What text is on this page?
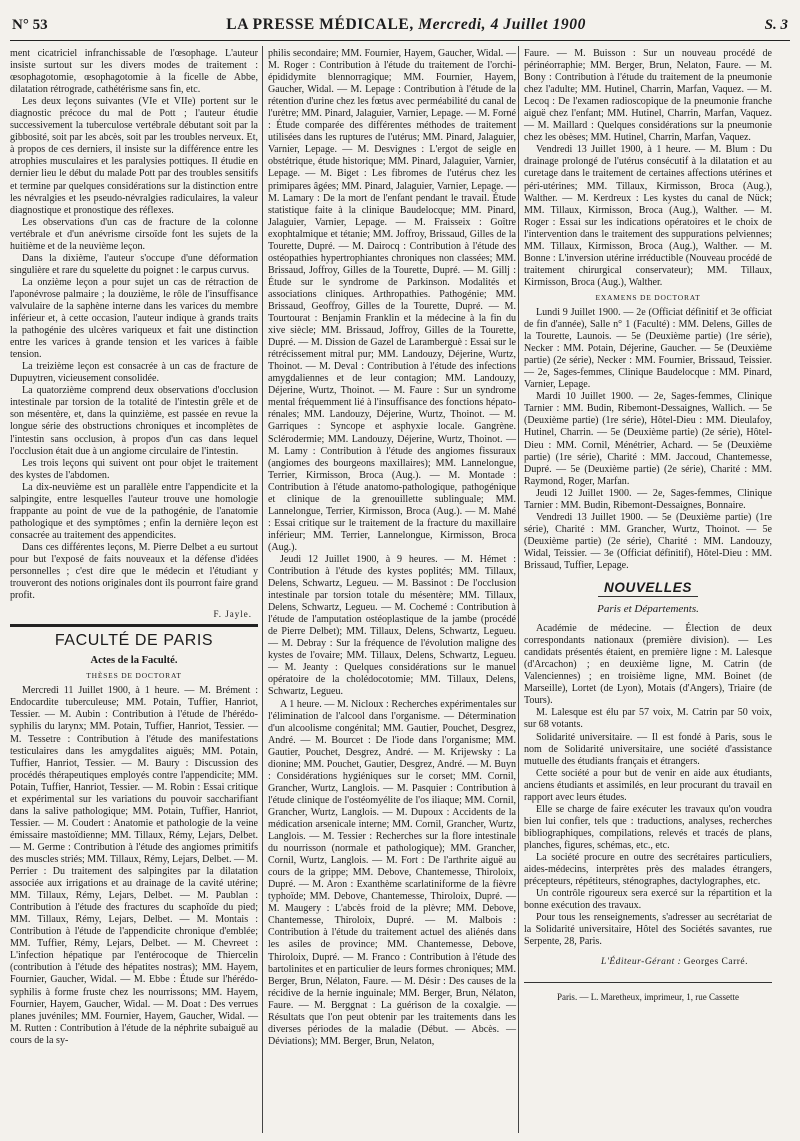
N° 53	LA PRESSE MÉDICALE, Mercredi, 4 Juillet 1900	S. 3

ment cicatriciel infranchissable de l'œsophage. L'auteur insiste surtout sur les divers modes de traitement : œsophagotomie, œsophagotomie à la ficelle de Abbe, dilatation rétrograde, cathétérisme sans fin, etc.

Les deux leçons suivantes (VIe et VIIe) portent sur le diagnostic précoce du mal de Pott ; l'auteur étudie successivement la tuberculose vertébrale débutant soit par la gibbosité, soit par les abcès, soit par les troubles nerveux. Et, à propos de ces derniers, il insiste sur la différence entre les atrophies musculaires et les paralysies pottiques. Il étudie en dernier lieu le début du malade Pott par des troubles sensitifs et termine par quelques considérations sur la distinction entre les névralgies et les pseudo-névralgies radiculaires, la valeur diagnostique et pronostique des réflexes.

Les observations d'un cas de fracture de la colonne vertébrale et d'un anévrisme cirsoïde font les sujets de la huitième et de la neuvième leçon.

Dans la dixième, l'auteur s'occupe d'une déformation singulière et rare du squelette du poignet : le carpus curvus.

La onzième leçon a pour sujet un cas de rétraction de l'aponévrose palmaire ; la douzième, le rôle de l'insuffisance valvulaire de la saphène interne dans les varices du membre inférieur et, à cette occasion, l'auteur indique à grands traits la pathogénie des ulcères variqueux et fait une distinction entre les varices à grande tension et les varices à faible tension.

La treizième leçon est consacrée à un cas de fracture de Dupuytren, vicieusement consolidée.

La quatorzième comprend deux observations d'occlusion intestinale par torsion de la totalité de l'intestin grêle et de son mésentère, et, dans la quinzième, est passée en revue la longue série des obstructions chroniques et incomplètes de l'intestin sans occlusion, à propos d'un cas dans lequel l'occlusion était due à un angiome circulaire de l'intestin.

Les trois leçons qui suivent ont pour objet le traitement des kystes de l'abdomen.

La dix-neuvième est un parallèle entre l'appendicite et la salpingite, entre lesquelles l'auteur trouve une homologie frappante au point de vue de la pathogénie, de l'anatomie pathologique et des symptômes ; enfin la dernière leçon est consacrée au traitement des appendicites.

Dans ces différentes leçons, M. Pierre Delbet a eu surtout pour but l'exposé de faits nouveaux et la défense d'idées personnelles ; c'est dire que le médecin et l'étudiant y trouveront des notions originales dont ils pourront faire grand profit.

F. Jayle.
FACULTÉ DE PARIS
Actes de la Faculté.
THÈSES DE DOCTORAT

Mercredi 11 Juillet 1900, à 1 heure. — M. Brément : Endocardite tuberculeuse; MM. Potain, Tuffier, Hanriot, Tessier. — M. Aubin : Contribution à l'étude de l'hérédo-syphilis du larynx; MM. Potain, Tuffier, Hanriot, Tessier. — M. Tessetre : Contribution à l'étude des manifestations testiculaires dans les amygdalites aiguës; MM. Potain, Tuffier, Hanriot, Tessier. — M. Baury : Discussion des procédés thérapeutiques employés contre l'appendicite; MM. Potain, Tuffier, Hanriot, Tessier. — M. Robin : Essai critique et expérimental sur les variations du pouvoir saccharifiant dans la salive pathologique; MM. Potain, Tuffier, Hanriot, Tessier. — M. Coudert : Anatomie et pathologie de la veine émissaire mastoïdienne; MM. Tillaux, Rémy, Lejars, Delbet. — M. Germe : Contribution à l'étude des angiomes primitifs des muscles striés; MM. Tillaux, Rémy, Lejars, Delbet. — M. Perrier : Du traitement des salpingites par la dilatation associée aux irrigations et au drainage de la cavité utérine; MM. Tillaux, Rémy, Lejars, Delbet. — M. Paublan : Contribution à l'étude des fractures du scaphoïde du pied; MM. Tillaux, Rémy, Lejars, Delbet. — M. Montais : Contribution à l'étude de l'appendicite chronique d'emblée; MM. Tuffier, Rémy, Lejars, Delbet. — M. Chevreet : L'infection hépatique par l'entérocoque de Thiercelin (contribution à l'étude des hépatites nostras); MM. Hayem, Fournier, Gaucher, Widal. — M. Ebbe : Étude sur l'hérédo-syphilis à forme fruste chez les nourrissons; MM. Hayem, Fournier, Hayem, Gaucher, Widal. — M. Doat : Des verrues planes juvéniles; MM. Fournier, Hayem, Gaucher, Widal. — M. Rutten : Contribution à l'étude de la néphrite subaiguë au cours de la sy-

philis secondaire; MM. Fournier, Hayem, Gaucher, Widal. — M. Roger : Contribution à l'étude du traitement de l'orchi-épididymite blennorragique; MM. Fournier, Hayem, Gaucher, Widal. — M. Lepage : Contribution à l'étude de la rétention d'urine chez les fœtus avec perméabilité du canal de l'urètre; MM. Pinard, Jalaguier, Varnier, Lepage. — M. Forné : Étude comparée des différentes méthodes de traitement utilisées dans les ruptures de l'utérus; MM. Pinard, Jalaguier, Varnier, Lepage. — M. Desvignes : L'ergot de seigle en obstétrique, étude historique; MM. Pinard, Jalaguier, Varnier, Lepage. — M. Biget : Les fibromes de l'utérus chez les primipares âgées; MM. Pinard, Jalaguier, Varnier, Lepage. — M. Lamary : De la mort de l'enfant pendant le travail. Étude statistique faite à la clinique Baudelocque; MM. Pinard, Jalaguier, Varnier, Lepage. — M. Fraisseix : Goître exophtalmique et tétanie; MM. Joffroy, Brissaud, Gilles de la Tourette, Dupré. — M. Dairocq : Contribution à l'étude des ostéopathies hypertrophiantes chroniques non classées; MM. Brissaud, Joffroy, Gilles de la Tourette, Dupré. — M. Gillj : Étude sur le syndrome de Parkinson. Modalités et associations cliniques. Arthropathies. Pathogénie; MM. Brissaud, Geoffroy, Gilles de la Tourette, Dupré. — M. Tourtourat : Benjamin Franklin et la médecine à la fin du xive siècle; MM. Brissaud, Joffroy, Gilles de la Tourette, Dupré. — M. Dission de Gazel de Laramberguè : Essai sur le rétrécissement mitral pur; MM. Landouzy, Déjerine, Wurtz, Thoinot. — M. Deval : Contribution à l'étude des infections amygdaliennes et de leur contagion; MM. Landouzy, Déjerine, Wurtz, Thoinot. — M. Faure : Sur un syndrome mental fréquemment lié à l'insuffisance des fonctions hépato-rénales; MM. Landouzy, Déjerine, Wurtz, Thoinot. — M. Garriques : Syncope et asphyxie locale. Gangrène. Sclérodermie; MM. Landouzy, Déjerine, Wurtz, Thoinot. — M. Lamy : Contribution à l'étude des angiomes fissuraux (angiomes des bourgeons maxillaires); MM. Lannelongue, Terrier, Kirmisson, Broca (Aug.). — M. Montade : Contribution à l'étude anatomo-pathologique, pathogénique et clinique de la grenouillette sublinguale; MM. Lannelongue, Terrier, Kirmisson, Broca (Aug.). — M. Mahé : Essai critique sur le traitement de la fracture du maxillaire inférieur; MM. Terrier, Lannelongue, Kirmisson, Broca (Aug.).

Jeudi 12 Juillet 1900, à 9 heures. — M. Hémet : Contribution à l'étude des kystes poplités; MM. Tillaux, Delens, Schwartz, Legueu. — M. Bassinot : De l'occlusion intestinale par torsion totale du mésentère; MM. Tillaux, Delens, Schwartz, Legueu. — M. Cochemé : Contribution à l'étude de l'amputation ostéoplastique de la jambe (procédé de Pierre Delbet); MM. Tillaux, Delens, Schwartz, Legueu. — M. Debray : Sur la fréquence de l'évolution maligne des kystes de l'ovaire; MM. Tillaux, Delens, Schwartz, Legueu. — M. Jeanty : Quelques considérations sur le manuel opératoire de la cholédocotomie; MM. Tillaux, Delens, Schwartz, Legueu.

A 1 heure. — M. Nicloux : Recherches expérimentales sur l'élimination de l'alcool dans l'organisme. — Détermination d'un alcoolisme congénital; MM. Gautier, Pouchet, Desgrez, André. — M. Bourcet : De l'iode dans l'organisme; MM. Gautier, Pouchet, Desgrez, André. — M. Krijewsky : La dionine; MM. Pouchet, Gautier, Desgrez, André. — M. Buyn : Considérations hygiéniques sur le corset; MM. Cornil, Grancher, Wurtz, Langlois. — M. Pasquier : Contribution à l'étude clinique de l'ostéomyélite de l'os iliaque; MM. Cornil, Grancher, Wurtz, Langlois. — M. Dupoux : Accidents de la médication arsenicale interne; MM. Cornil, Grancher, Wurtz, Langlois. — M. Tessier : Recherches sur la flore intestinale du nourrisson (normale et pathologique); MM. Grancher, Cornil, Wurtz, Langlois. — M. Fort : De l'arthrite aiguë au cours de la grippe; MM. Debove, Chantemesse, Thiroloix, Dupré. — M. Aron : Exanthème scarlatiniforme de la fièvre typhoïde; MM. Debove, Chantemesse, Thiroloix, Dupré. — M. Maugery : L'abcès froid de la plèvre; MM. Debove, Chantemesse, Thiroloix, Dupré. — M. Malbois : Contribution à l'étude du traitement actuel des aliénés dans les asiles de province; MM. Chantemesse, Debove, Thiroloix, Dupré. — M. Franco : Contribution à l'étude des bartolinites et en particulier de leurs formes chroniques; MM. Berger, Brun, Nélaton, Faure. — M. Désir : Des causes de la récidive de la hernie inguinale; MM. Berger, Brun, Nélaton, Faure. — M. Berggnat : La guérison de la coxalgie. — Résultats que l'on peut obtenir par les traitements dans les diverses périodes de la maladie (Début. — Abcès. — Déviations); MM. Berger, Brun, Nelaton,

Faure. — M. Buisson : Sur un nouveau procédé de périnéorraphie; MM. Berger, Brun, Nelaton, Faure. — M. Bony : Contribution à l'étude du traitement de la pneumonie chez l'adulte; MM. Hutinel, Charrin, Marfan, Vaquez. — M. Lecoq : De l'examen radioscopique de la pneumonie franche aiguë chez l'enfant; MM. Hutinel, Charrin, Marfan, Vaquez. — M. Maillard : Quelques considérations sur la pneumonie chez les obèses; MM. Hutinel, Charrin, Marfan, Vaquez.

Vendredi 13 Juillet 1900, à 1 heure. — M. Blum : Du drainage prolongé de l'utérus consécutif à la dilatation et au curetage dans le traitement de certaines affections utérines et péri-utérines; MM. Tillaux, Kirmisson, Broca (Aug.), Walther. — M. Kerdreux : Les kystes du canal de Nück; MM. Tillaux, Kirmisson, Broca (Aug.), Walther. — M. Roger : Essai sur les indications opératoires et le choix de l'intervention dans le traitement des suppurations pelviennes; MM. Tillaux, Kirmisson, Broca (Aug.), Walther. — M. Bonne : L'inversion utérine irréductible (Nouveau procédé de traitement chirurgical conservateur); MM. Tillaux, Kirmisson, Broca (Aug.), Walther.

EXAMENS DE DOCTORAT

Lundi 9 Juillet 1900. — 2e (Officiat définitif et 3e officiat de fin d'année), Salle n° 1 (Faculté) : MM. Delens, Gilles de la Tourette, Launois. — 5e (Deuxième partie) (1re série), Necker : MM. Potain, Déjerine, Gaucher. — 5e (Deuxième partie) (2e série), Necker : MM. Fournier, Brissaud, Teissier. — 2e, Sages-femmes, Clinique Baudelocque : MM. Pinard, Varnier, Lepage.

Mardi 10 Juillet 1900. — 2e, Sages-femmes, Clinique Tarnier : MM. Budin, Ribemont-Dessaignes, Wallich. — 5e (Deuxième partie) (1re série), Hôtel-Dieu : MM. Dieulafoy, Hutinel, Charrin. — 5e (Deuxième partie) (2e série), Hôtel-Dieu : MM. Cornil, Ménétrier, Achard. — 5e (Deuxième partie) (1re série), Charité : MM. Jaccoud, Chantemesse, Dupré. — 5e (Deuxième partie) (2e série), Charité : MM. Raymond, Roger, Marfan.

Jeudi 12 Juillet 1900. — 2e, Sages-femmes, Clinique Tarnier : MM. Budin, Ribemont-Dessaignes, Bonnaire.

Vendredi 13 Juillet 1900. — 5e (Deuxième partie) (1re série), Charité : MM. Grancher, Wurtz, Thoinot. — 5e (Deuxième partie) (2e série), Charité : MM. Landouzy, Widal, Teissier. — 3e (Officiat définitif), Hôtel-Dieu : MM. Brissaud, Tuffier, Lepage.

NOUVELLES
Paris et Départements.

Académie de médecine. — Élection de deux correspondants nationaux (première division). — Les candidats présentés étaient, en première ligne : M. Lalesque (d'Arcachon) ; en deuxième ligne, M. Catrin (de Valenciennes) ; en troisième ligne, MM. Boinet (de Marseille), Lortet (de Lyon), Motais (d'Angers), Triaire (de Tours).

M. Lalesque est élu par 57 voix, M. Catrin par 50 voix, sur 68 votants.

Solidarité universitaire. — Il est fondé à Paris, sous le nom de Solidarité universitaire, une société d'assistance mutuelle des étudiants français et étrangers.

Cette société a pour but de venir en aide aux étudiants, anciens étudiants et assimilés, en leur procurant du travail en rapport avec leurs études.

Elle se charge de faire exécuter les travaux qu'on voudra bien lui confier, tels que : traductions, analyses, recherches bibliographiques, compilations, relevés et tracés de plans, planches, figures, schémas, etc., etc.

La société procure en outre des secrétaires particuliers, aides-médecins, interprètes près des malades étrangers, précepteurs, répétiteurs, sténographes, dactylographes, etc.

Un contrôle rigoureux sera exercé sur la répartition et la bonne exécution des travaux.

Pour tous les renseignements, s'adresser au secrétariat de la Solidarité universitaire, Hôtel des Sociétés savantes, rue Serpente, 28, Paris.

L'Éditeur-Gérant : Georges Carré.
Paris. — L. Maretheux, imprimeur, 1, rue Cassette
